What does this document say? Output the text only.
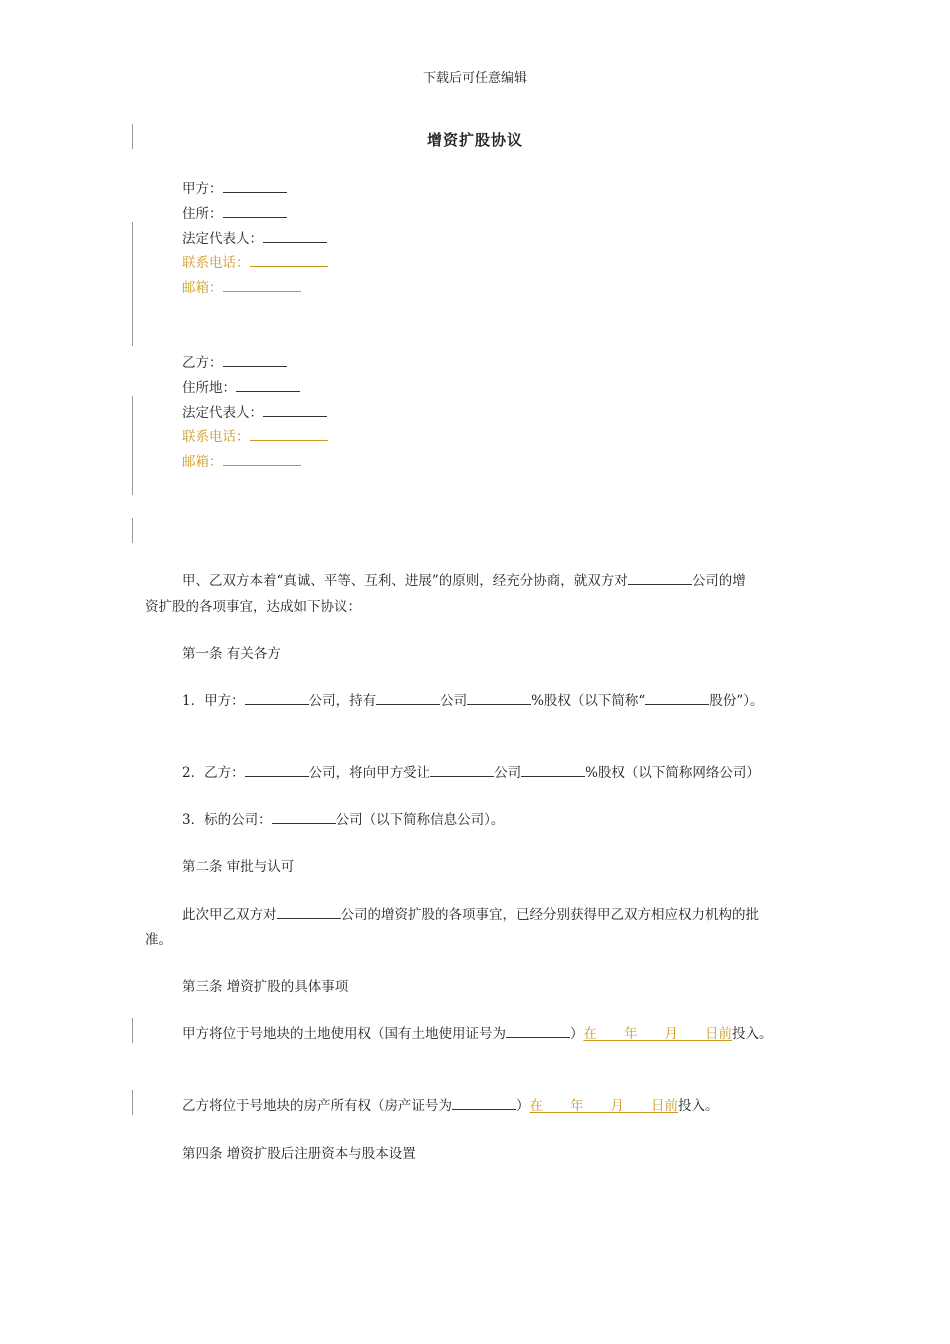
下载后可任意编辑
增资扩股协议
甲方：
住所：
法定代表人：
联系电话：
邮箱：
乙方：
住所地：
法定代表人：
联系电话：
邮箱：
甲、乙双方本着“真诚、平等、互利、进展”的原则，经充分协商，就双方对	公司的增
资扩股的各项事宜，达成如下协议：
第一条 有关各方
1．甲方：	公司，持有	公司	%股权（以下简称“	股份”）。
2．乙方：	公司，将向甲方受让	公司	%股权（以下简称网络公司）
3．标的公司：	公司（以下简称信息公司）。
第二条 审批与认可
此次甲乙双方对	公司的增资扩股的各项事宜，已经分别获得甲乙双方相应权力机构的批
准。
第三条 增资扩股的具体事项
甲方将位于号地块的土地使用权（国有土地使用证号为	）在　　年　　月　　日前投入。
乙方将位于号地块的房产所有权（房产证号为	）在　　年　　月　　日前投入。
第四条 增资扩股后注册资本与股本设置
